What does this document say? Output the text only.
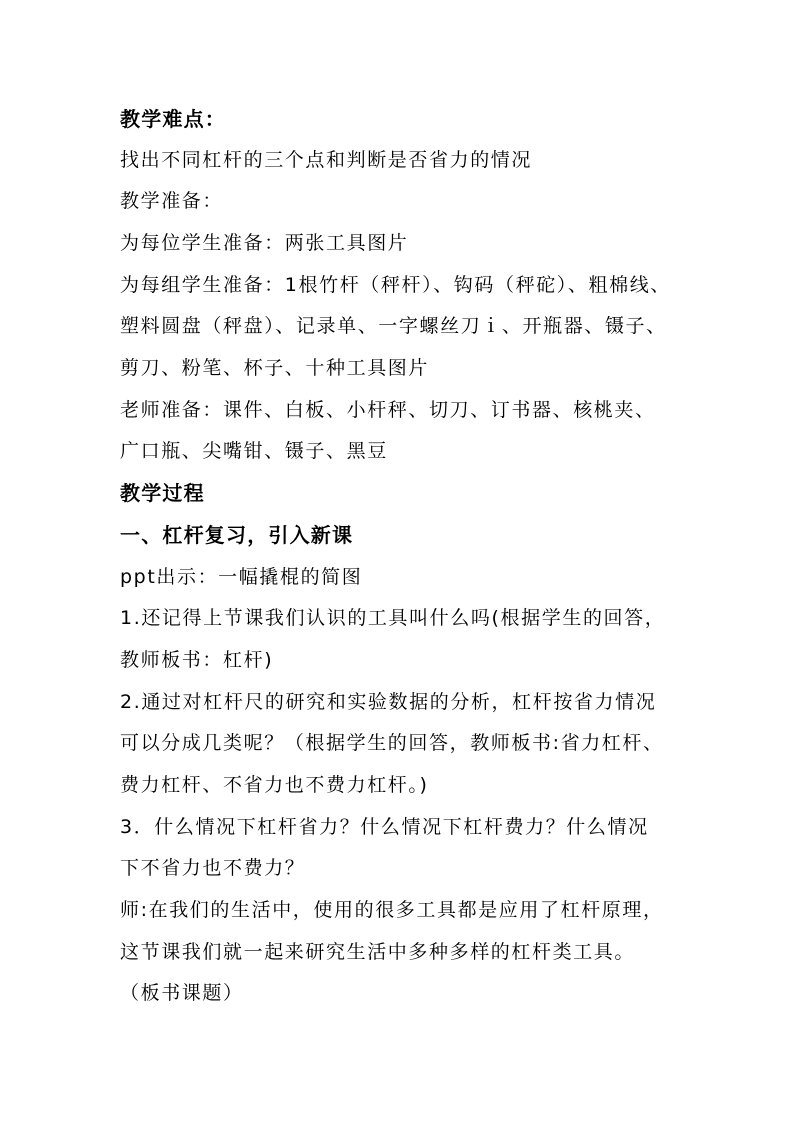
教学难点：
找出不同杠杆的三个点和判断是否省力的情况
教学准备：
为每位学生准备：两张工具图片
为每组学生准备：1根竹杆（秤杆）、钩码（秤砣）、粗棉线、
塑料圆盘（秤盘）、记录单、一字螺丝刀ｉ、开瓶器、镊子、
剪刀、粉笔、杯子、十种工具图片
老师准备：课件、白板、小杆秤、切刀、订书器、核桃夹、
广口瓶、尖嘴钳、镊子、黑豆
教学过程
一、杠杆复习，引入新课
ppt出示：一幅撬棍的简图
1.还记得上节课我们认识的工具叫什么吗(根据学生的回答，
教师板书：杠杆)
2.通过对杠杆尺的研究和实验数据的分析，杠杆按省力情况
可以分成几类呢？（根据学生的回答，教师板书:省力杠杆、
费力杠杆、不省力也不费力杠杆。)
3．什么情况下杠杆省力？什么情况下杠杆费力？什么情况
下不省力也不费力？
师:在我们的生活中，使用的很多工具都是应用了杠杆原理，
这节课我们就一起来研究生活中多种多样的杠杆类工具。
（板书课题）
